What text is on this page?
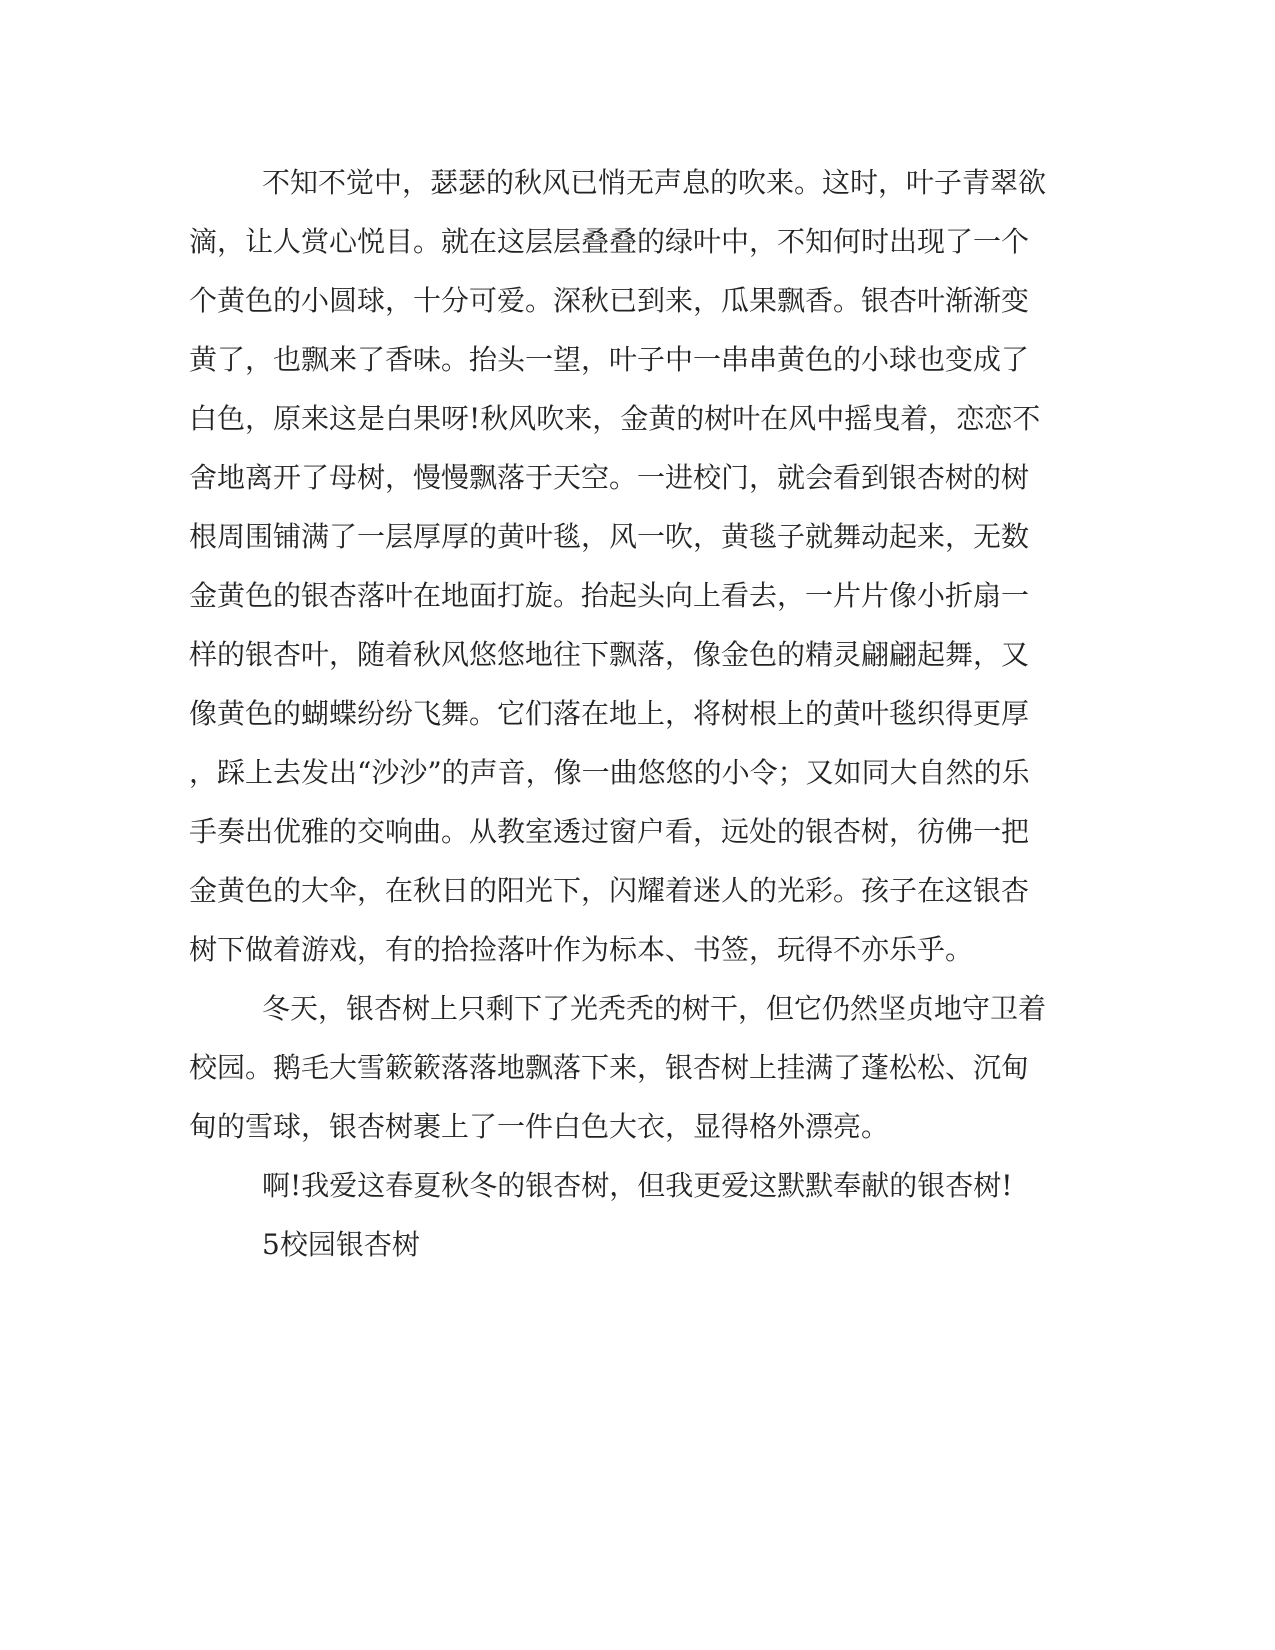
不知不觉中，瑟瑟的秋风已悄无声息的吹来。这时，叶子青翠欲
滴，让人赏心悦目。就在这层层叠叠的绿叶中，不知何时出现了一个
个黄色的小圆球，十分可爱。深秋已到来，瓜果飘香。银杏叶渐渐变
黄了，也飘来了香味。抬头一望，叶子中一串串黄色的小球也变成了
白色，原来这是白果呀!秋风吹来，金黄的树叶在风中摇曳着，恋恋不
舍地离开了母树，慢慢飘落于天空。一进校门，就会看到银杏树的树
根周围铺满了一层厚厚的黄叶毯，风一吹，黄毯子就舞动起来，无数
金黄色的银杏落叶在地面打旋。抬起头向上看去，一片片像小折扇一
样的银杏叶，随着秋风悠悠地往下飘落，像金色的精灵翩翩起舞，又
像黄色的蝴蝶纷纷飞舞。它们落在地上，将树根上的黄叶毯织得更厚
，踩上去发出“沙沙”的声音，像一曲悠悠的小令；又如同大自然的乐
手奏出优雅的交响曲。从教室透过窗户看，远处的银杏树，彷佛一把
金黄色的大伞，在秋日的阳光下，闪耀着迷人的光彩。孩子在这银杏
树下做着游戏，有的拾捡落叶作为标本、书签，玩得不亦乐乎。
冬天，银杏树上只剩下了光秃秃的树干，但它仍然坚贞地守卫着
校园。鹅毛大雪簌簌落落地飘落下来，银杏树上挂满了蓬松松、沉甸
甸的雪球，银杏树裹上了一件白色大衣，显得格外漂亮。
啊!我爱这春夏秋冬的银杏树，但我更爱这默默奉献的银杏树!
5校园银杏树
